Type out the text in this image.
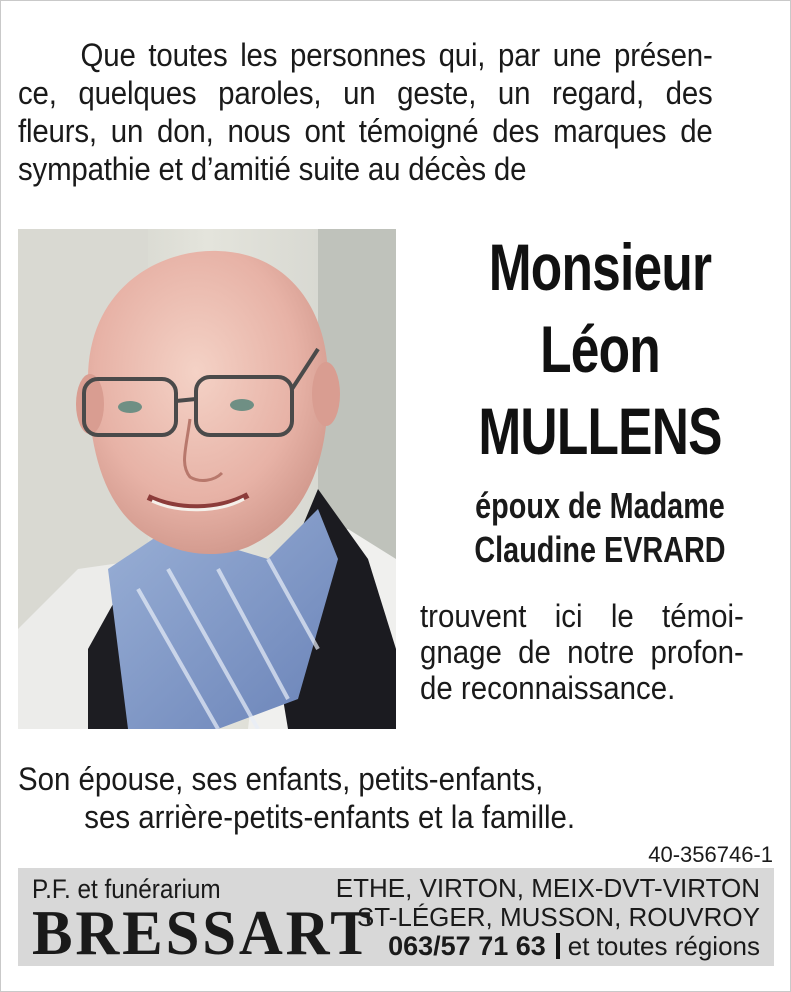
Que toutes les personnes qui, par une présen-
ce, quelques paroles, un geste, un regard, des
fleurs, un don, nous ont témoigné des marques de
sympathie et d’amitié suite au décès de
Monsieur
Léon
MULLENS
époux de Madame
Claudine EVRARD
trouvent ici le témoi-
gnage de notre profon-
de reconnaissance.
Son épouse, ses enfants, petits-enfants,
ses arrière-petits-enfants et la famille.
40-356746-1
P.F. et funérarium
BRESSART
ETHE, VIRTON, MEIX-DVT-VIRTON
ST-LÉGER, MUSSON, ROUVROY
063/57 71 63 et toutes régions
